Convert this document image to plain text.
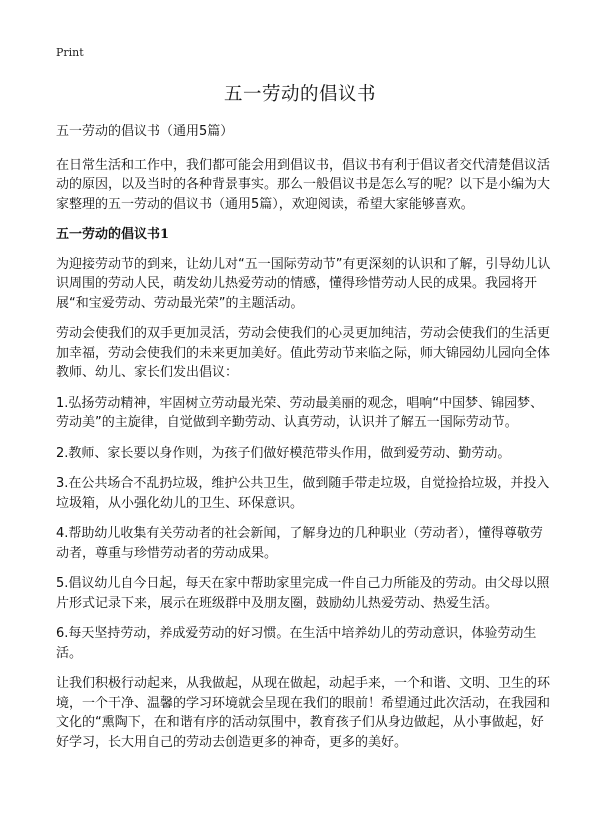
Print
五一劳动的倡议书

五一劳动的倡议书（通用5篇）

在日常生活和工作中，我们都可能会用到倡议书，倡议书有利于倡议者交代清楚倡议活动的原因，以及当时的各种背景事实。那么一般倡议书是怎么写的呢？以下是小编为大家整理的五一劳动的倡议书（通用5篇），欢迎阅读，希望大家能够喜欢。

五一劳动的倡议书1

为迎接劳动节的到来，让幼儿对“五一国际劳动节”有更深刻的认识和了解，引导幼儿认识周围的劳动人民，萌发幼儿热爱劳动的情感，懂得珍惜劳动人民的成果。我园将开展“和宝爱劳动、劳动最光荣”的主题活动。

劳动会使我们的双手更加灵活，劳动会使我们的心灵更加纯洁，劳动会使我们的生活更加幸福，劳动会使我们的未来更加美好。值此劳动节来临之际，师大锦园幼儿园向全体教师、幼儿、家长们发出倡议：

1.弘扬劳动精神，牢固树立劳动最光荣、劳动最美丽的观念，唱响“中国梦、锦园梦、劳动美”的主旋律，自觉做到辛勤劳动、认真劳动，认识并了解五一国际劳动节。

2.教师、家长要以身作则，为孩子们做好模范带头作用，做到爱劳动、勤劳动。

3.在公共场合不乱扔垃圾，维护公共卫生，做到随手带走垃圾，自觉捡拾垃圾，并投入垃圾箱，从小强化幼儿的卫生、环保意识。

4.帮助幼儿收集有关劳动者的社会新闻，了解身边的几种职业（劳动者），懂得尊敬劳动者，尊重与珍惜劳动者的劳动成果。

5.倡议幼儿自今日起，每天在家中帮助家里完成一件自己力所能及的劳动。由父母以照片形式记录下来，展示在班级群中及朋友圈，鼓励幼儿热爱劳动、热爱生活。

6.每天坚持劳动，养成爱劳动的好习惯。在生活中培养幼儿的劳动意识，体验劳动生活。

让我们积极行动起来，从我做起，从现在做起，动起手来，一个和谐、文明、卫生的环境，一个干净、温馨的学习环境就会呈现在我们的眼前！希望通过此次活动，在我园和文化的“熏陶下，在和谐有序的活动氛围中，教育孩子们从身边做起，从小事做起，好好学习，长大用自己的劳动去创造更多的神奇，更多的美好。
